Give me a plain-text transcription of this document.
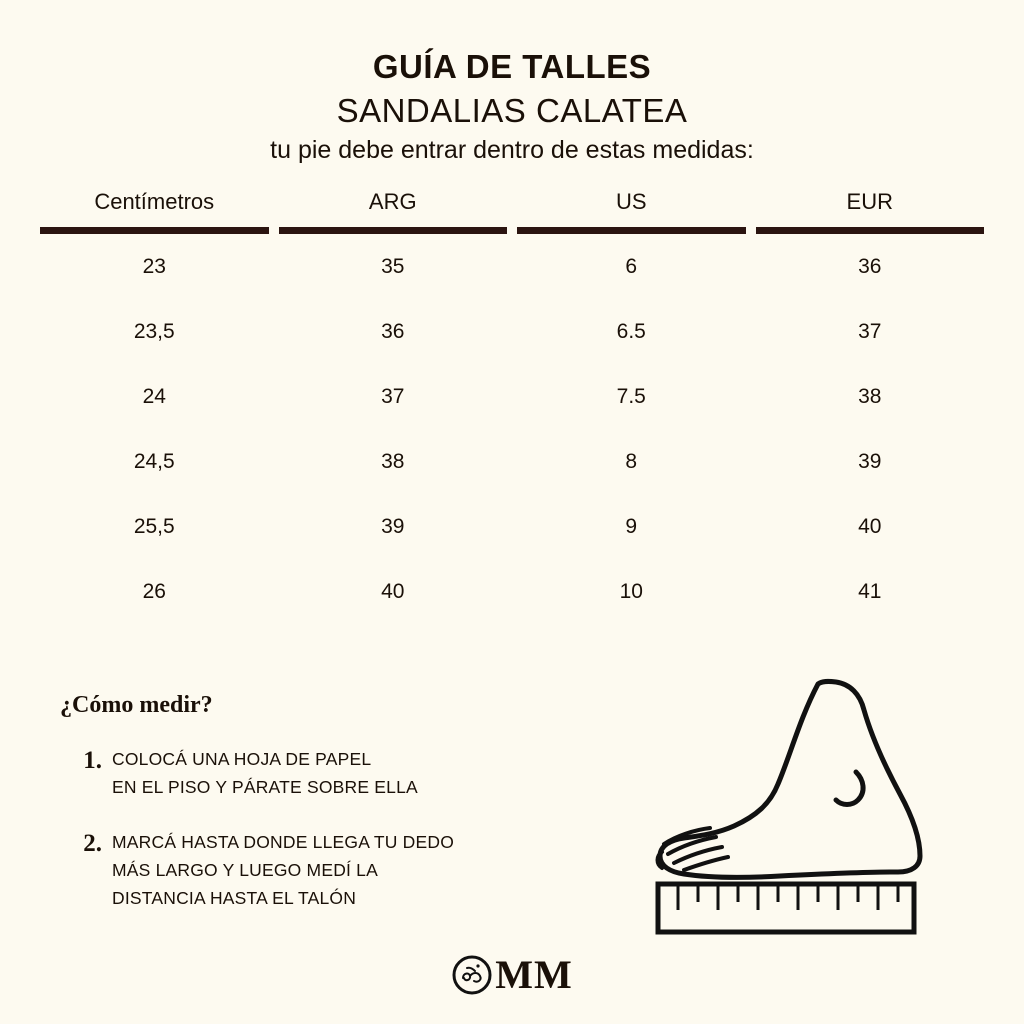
GUÍA DE TALLES
SANDALIAS CALATEA

tu pie debe entrar dentro de estas medidas:

Centímetros		ARG		US		EUR
23		35		6		36
23,5		36		6.5		37
24		37		7.5		38
24,5		38		8		39
25,5		39		9		40
26		40		10		41
¿Cómo medir?
1. COLOCÁ UNA HOJA DE PAPEL
EN EL PISO Y PÁRATE SOBRE ELLA
2. MARCÁ HASTA DONDE LLEGA TU DEDO
MÁS LARGO Y LUEGO MEDÍ LA
DISTANCIA HASTA EL TALÓN
MM
